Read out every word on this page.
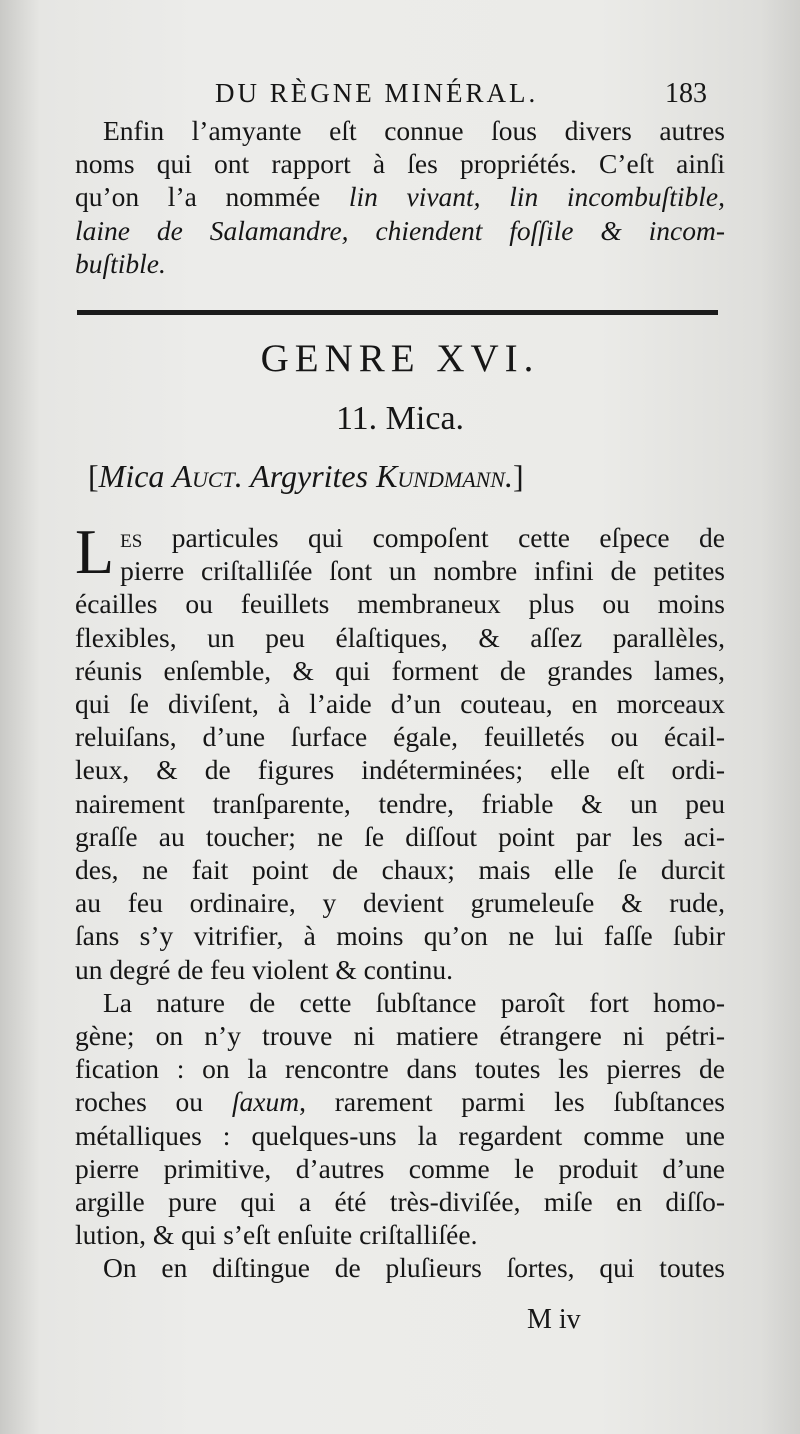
DU RÈGNE MINÉRAL.	183

Enfin l’amyante eſt connue ſous divers autres

noms qui ont rapport à ſes propriétés. C’eſt ainſi

qu’on l’a nommée lin vivant, lin incombuſtible,

laine de Salamandre, chiendent foſſile & incom-

buſtible.

GENRE XVI.
11. Mica.
[Mica Auct. Argyrites Kundmann.]

Les particules qui compoſent cette eſpece de

pierre criſtalliſée ſont un nombre infini de petites

écailles ou feuillets membraneux plus ou moins

flexibles, un peu élaſtiques, & aſſez parallèles,

réunis enſemble, & qui forment de grandes lames,

qui ſe diviſent, à l’aide d’un couteau, en morceaux

reluiſans, d’une ſurface égale, feuilletés ou écail-

leux, & de figures indéterminées; elle eſt ordi-

nairement tranſparente, tendre, friable & un peu

graſſe au toucher; ne ſe diſſout point par les aci-

des, ne fait point de chaux; mais elle ſe durcit

au feu ordinaire, y devient grumeleuſe & rude,

ſans s’y vitrifier, à moins qu’on ne lui faſſe ſubir

un degré de feu violent & continu.

La nature de cette ſubſtance paroît fort homo-

gène; on n’y trouve ni matiere étrangere ni pétri-

fication : on la rencontre dans toutes les pierres de

roches ou ſaxum, rarement parmi les ſubſtances

métalliques : quelques-uns la regardent comme une

pierre primitive, d’autres comme le produit d’une

argille pure qui a été très-diviſée, miſe en diſſo-

lution, & qui s’eſt enſuite criſtalliſée.

On en diſtingue de pluſieurs ſortes, qui toutes

M iv
